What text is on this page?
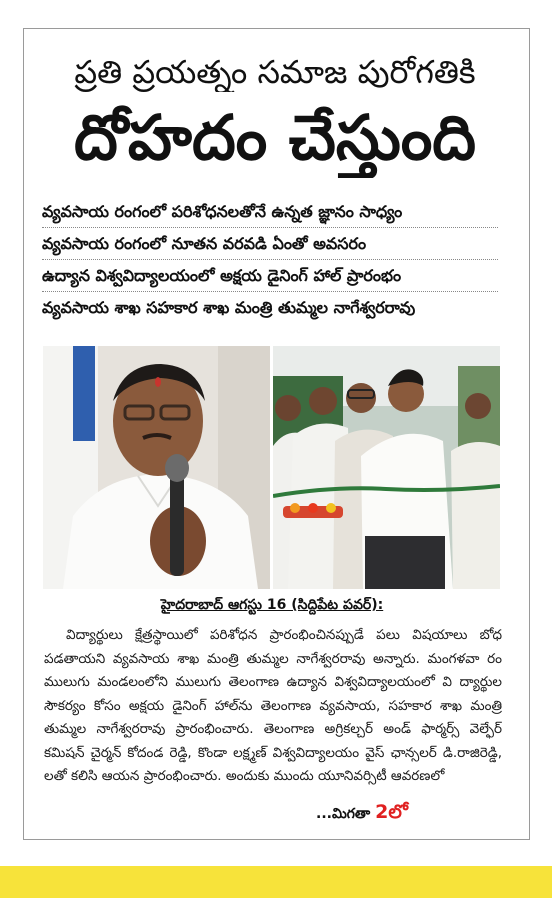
ప్రతి ప్రయత్నం సమాజ పురోగతికి
దోహదం చేస్తుంది
వ్యవసాయ రంగంలో పరిశోధనలతోనే ఉన్నత జ్ఞానం సాధ్యం
వ్యవసాయ రంగంలో నూతన వరవడి ఏంతో అవసరం
ఉద్యాన విశ్వవిద్యాలయంలో అక్షయ డైనింగ్ హాల్ ప్రారంభం
వ్యవసాయ శాఖ సహకార శాఖ మంత్రి తుమ్మల నాగేశ్వరరావు
హైదరాబాద్ ఆగస్టు 16 (సిద్దిపేట పవర్):

విద్యార్థులు క్షేత్రస్థాయిలో పరిశోధన ప్రారంభించినప్పుడే పలు విషయాలు బోధ పడతాయని వ్యవసాయ శాఖ మంత్రి తుమ్మల నాగేశ్వరరావు అన్నారు. మంగళవా రం ములుగు మండలంలోని ములుగు తెలంగాణ ఉద్యాన విశ్వవిద్యాలయంలో వి ద్యార్థుల సౌకర్యం కోసం అక్షయ డైనింగ్ హాల్‌ను తెలంగాణ వ్యవసాయ, సహకార శాఖ మంత్రి తుమ్మల నాగేశ్వరరావు ప్రారంభించారు. తెలంగాణ అగ్రికల్చర్ అండ్ ఫార్మర్స్ వెల్ఫేర్ కమిషన్ చైర్మన్ కోదండ రెడ్డి, కొండా లక్ష్మణ్ విశ్వవిద్యాలయం వైస్ ఛాన్సలర్ డి.రాజిరెడ్డి, లతో కలిసి ఆయన ప్రారంభించారు. అందుకు ముందు యూనివర్సిటీ ఆవరణలో

...మిగతా 2లో
